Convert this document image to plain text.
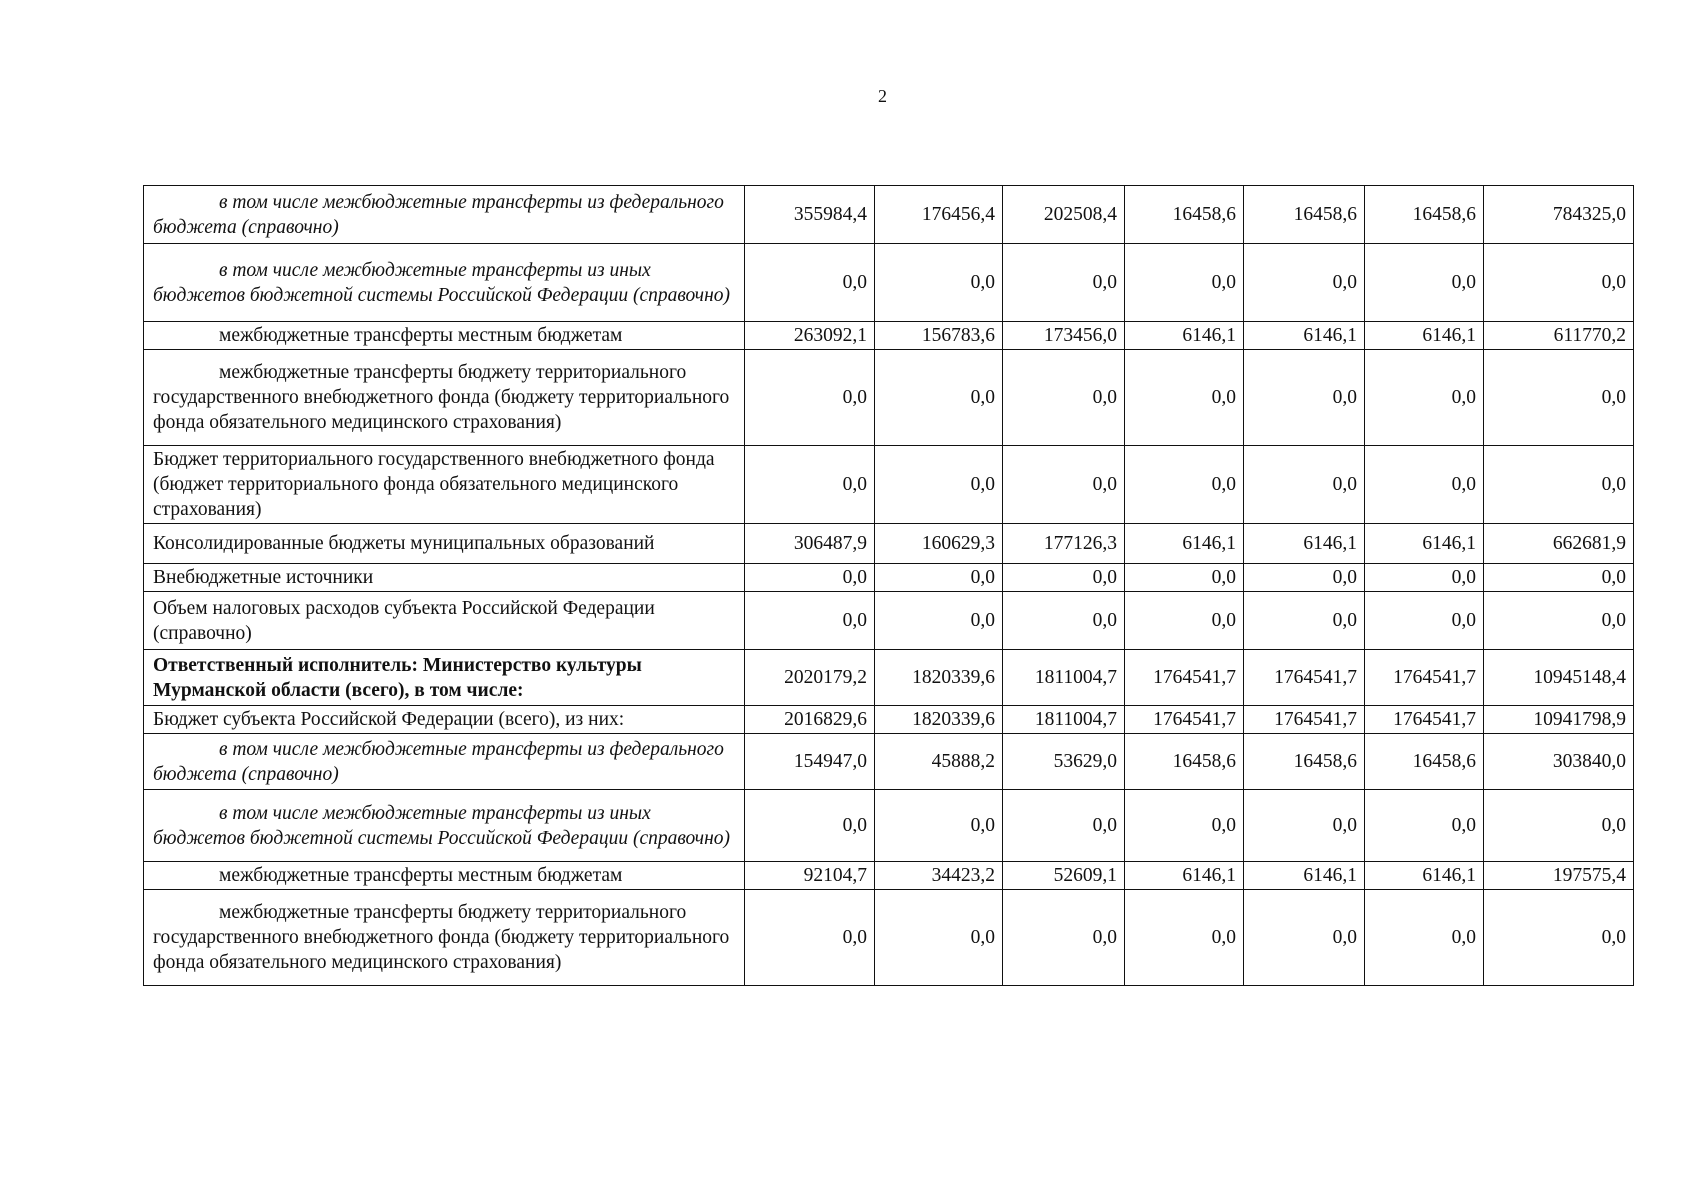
2
в том числе межбюджетные трансферты из федерального бюджета (справочно)	355984,4	176456,4	202508,4	16458,6	16458,6	16458,6	784325,0
в том числе межбюджетные трансферты из иных бюджетов бюджетной системы Российской Федерации (справочно)	0,0	0,0	0,0	0,0	0,0	0,0	0,0
межбюджетные трансферты местным бюджетам	263092,1	156783,6	173456,0	6146,1	6146,1	6146,1	611770,2
межбюджетные трансферты бюджету территориального государственного внебюджетного фонда (бюджету территориального фонда обязательного медицинского страхования)	0,0	0,0	0,0	0,0	0,0	0,0	0,0
Бюджет территориального государственного внебюджетного фонда (бюджет территориального фонда обязательного медицинского страхования)	0,0	0,0	0,0	0,0	0,0	0,0	0,0
Консолидированные бюджеты муниципальных образований	306487,9	160629,3	177126,3	6146,1	6146,1	6146,1	662681,9
Внебюджетные источники	0,0	0,0	0,0	0,0	0,0	0,0	0,0
Объем налоговых расходов субъекта Российской Федерации (справочно)	0,0	0,0	0,0	0,0	0,0	0,0	0,0
Ответственный исполнитель: Министерство культуры Мурманской области (всего), в том числе:	2020179,2	1820339,6	1811004,7	1764541,7	1764541,7	1764541,7	10945148,4
Бюджет субъекта Российской Федерации (всего), из них:	2016829,6	1820339,6	1811004,7	1764541,7	1764541,7	1764541,7	10941798,9
в том числе межбюджетные трансферты из федерального бюджета (справочно)	154947,0	45888,2	53629,0	16458,6	16458,6	16458,6	303840,0
в том числе межбюджетные трансферты из иных бюджетов бюджетной системы Российской Федерации (справочно)	0,0	0,0	0,0	0,0	0,0	0,0	0,0
межбюджетные трансферты местным бюджетам	92104,7	34423,2	52609,1	6146,1	6146,1	6146,1	197575,4
межбюджетные трансферты бюджету территориального государственного внебюджетного фонда (бюджету территориального фонда обязательного медицинского страхования)	0,0	0,0	0,0	0,0	0,0	0,0	0,0
